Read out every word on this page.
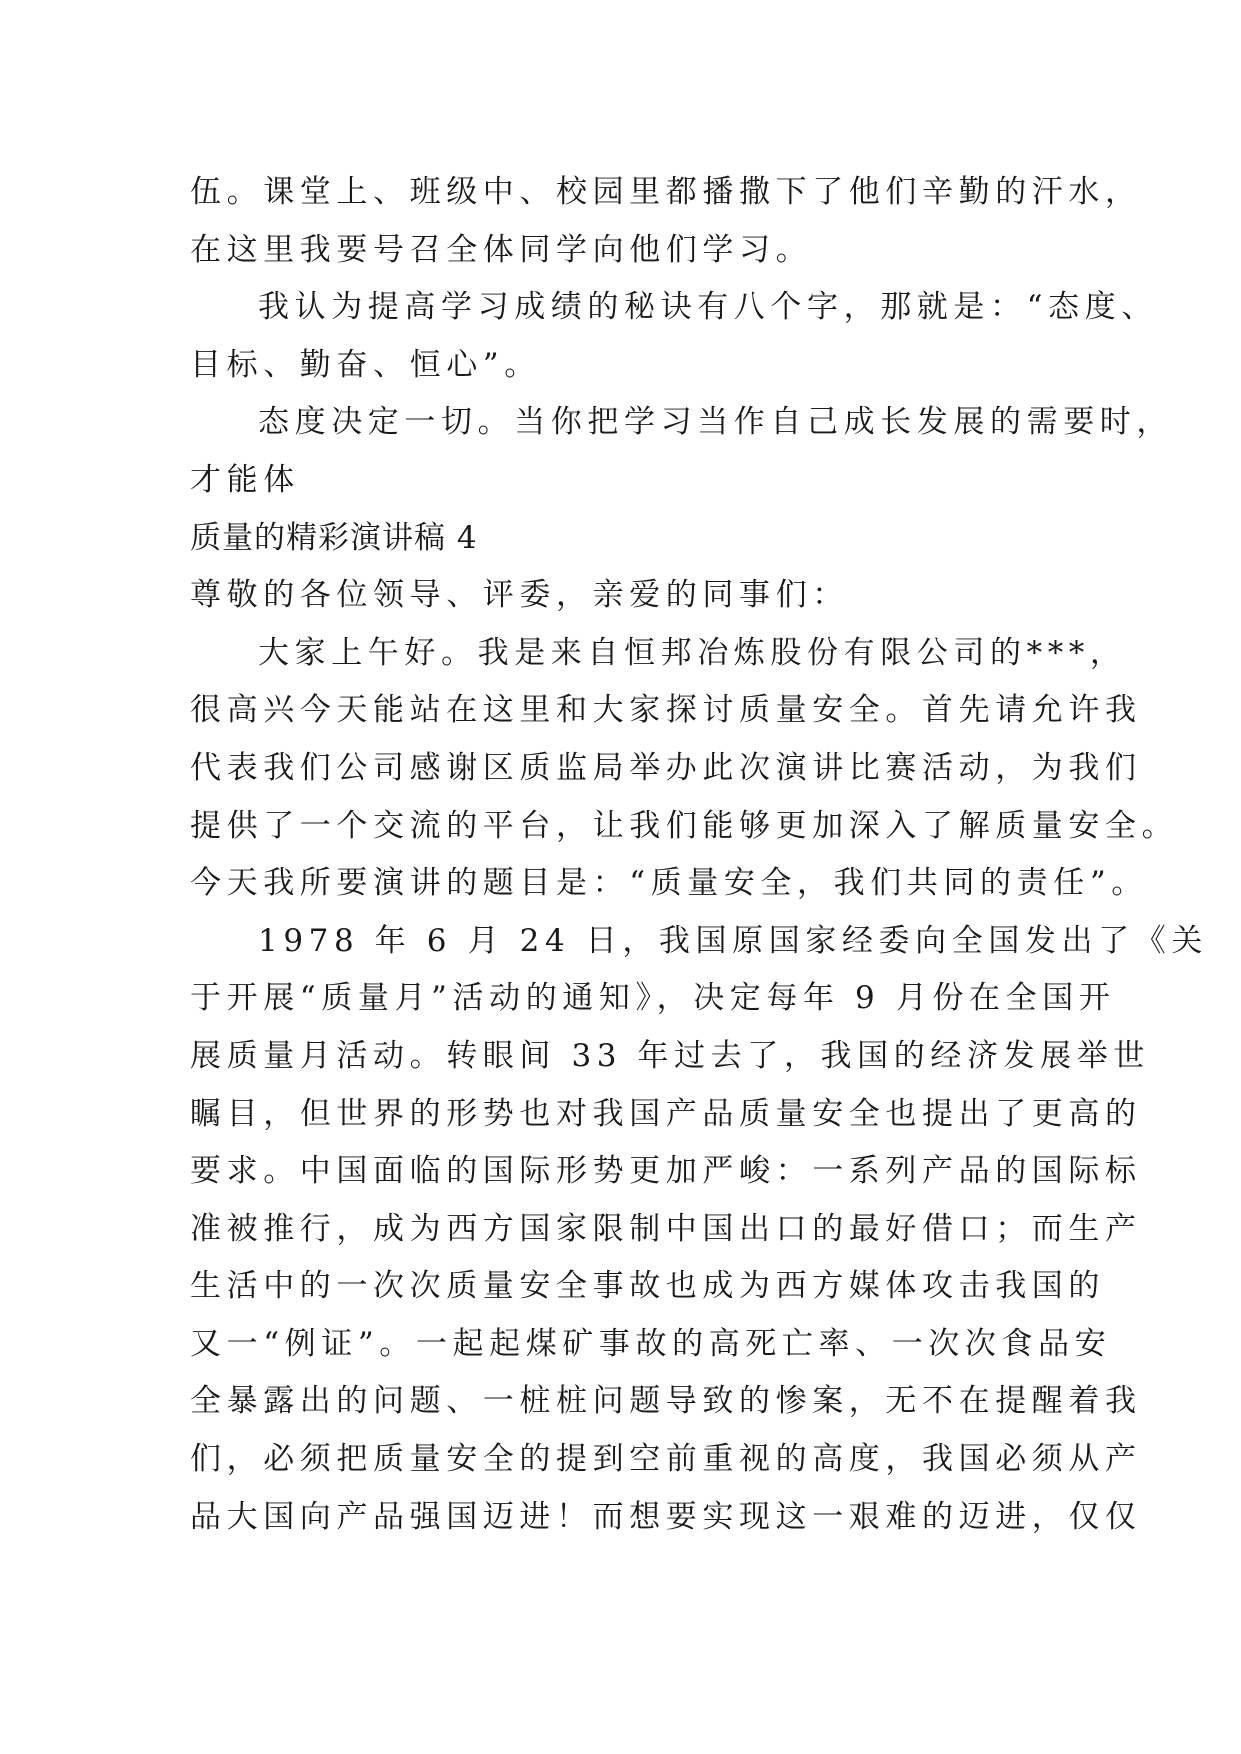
伍。课堂上、班级中、校园里都播撒下了他们辛勤的汗水，
在这里我要号召全体同学向他们学习。
我认为提高学习成绩的秘诀有八个字，那就是：“态度、
目标、勤奋、恒心”。
态度决定一切。当你把学习当作自己成长发展的需要时，
才能体
质量的精彩演讲稿 4
尊敬的各位领导、评委，亲爱的同事们：
大家上午好。我是来自恒邦冶炼股份有限公司的***，
很高兴今天能站在这里和大家探讨质量安全。首先请允许我
代表我们公司感谢区质监局举办此次演讲比赛活动，为我们
提供了一个交流的平台，让我们能够更加深入了解质量安全。
今天我所要演讲的题目是：“质量安全，我们共同的责任”。
1978 年 6 月 24 日，我国原国家经委向全国发出了《关
于开展“质量月”活动的通知》，决定每年 9 月份在全国开
展质量月活动。转眼间 33 年过去了，我国的经济发展举世
瞩目，但世界的形势也对我国产品质量安全也提出了更高的
要求。中国面临的国际形势更加严峻：一系列产品的国际标
准被推行，成为西方国家限制中国出口的最好借口；而生产
生活中的一次次质量安全事故也成为西方媒体攻击我国的
又一“例证”。一起起煤矿事故的高死亡率、一次次食品安
全暴露出的问题、一桩桩问题导致的惨案，无不在提醒着我
们，必须把质量安全的提到空前重视的高度，我国必须从产
品大国向产品强国迈进！而想要实现这一艰难的迈进，仅仅
